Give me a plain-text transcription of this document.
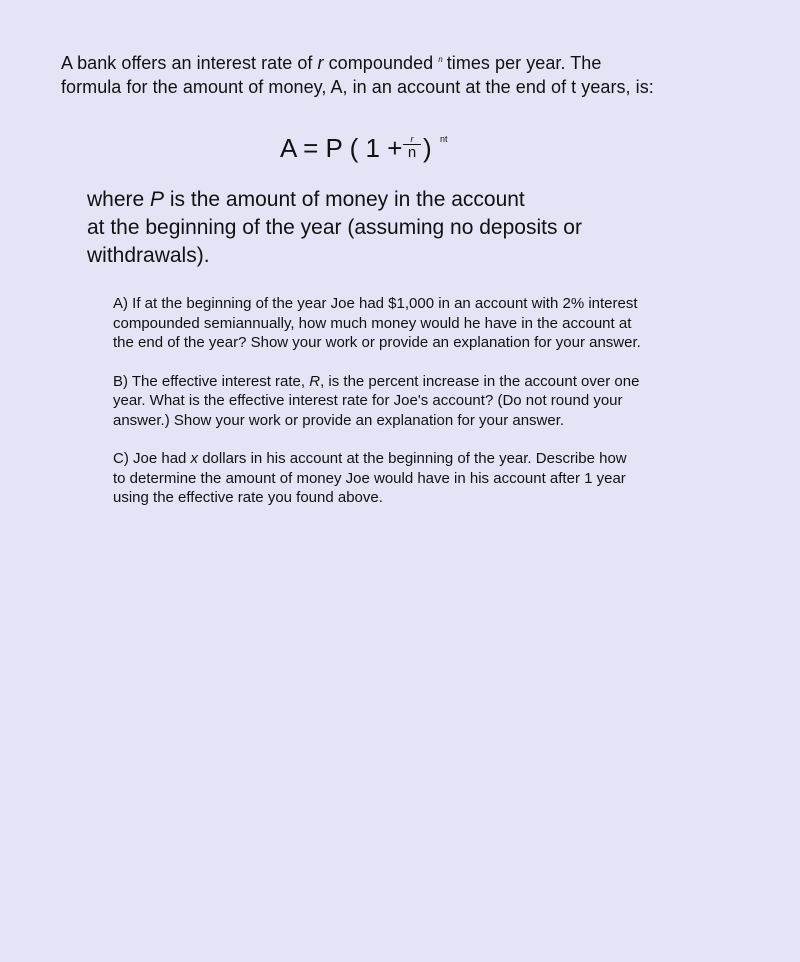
A bank offers an interest rate of r compounded $^n$ times per year. The
formula for the amount of money, A, in an account at the end of t years, is:
A = P ( 1 + r
n ) nt
where P is the amount of money in the account
at the beginning of the year (assuming no deposits or
withdrawals).
A) If at the beginning of the year Joe had $1,000 in an account with 2% interest
compounded semiannually, how much money would he have in the account at
the end of the year? Show your work or provide an explanation for your answer.
B) The effective interest rate, R, is the percent increase in the account over one
year. What is the effective interest rate for Joe's account? (Do not round your
answer.) Show your work or provide an explanation for your answer.
C) Joe had x dollars in his account at the beginning of the year. Describe how
to determine the amount of money Joe would have in his account after 1 year
using the effective rate you found above.
